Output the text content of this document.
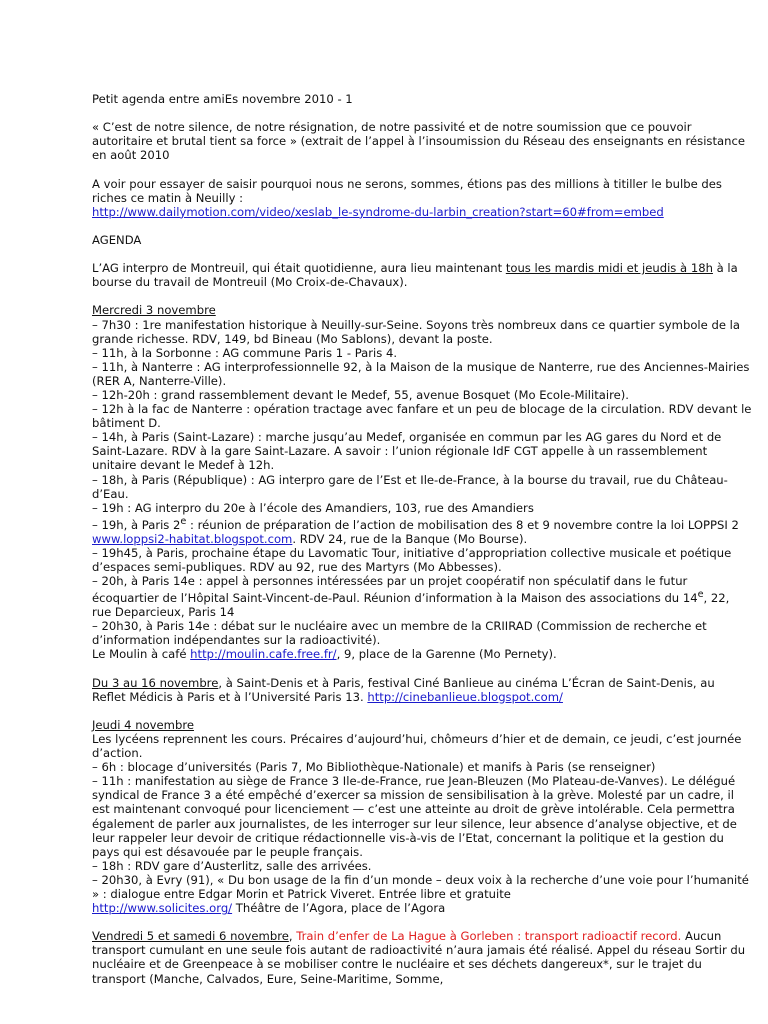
Petit agenda entre amiEs novembre 2010 - 1

« C’est de notre silence, de notre résignation, de notre passivité et de notre soumission que ce pouvoir autoritaire et brutal tient sa force » (extrait de l’appel à l’insoumission du Réseau des enseignants en résistance en août 2010

A voir pour essayer de saisir pourquoi nous ne serons, sommes, étions pas des millions à titiller le bulbe des riches ce matin à Neuilly :
http://www.dailymotion.com/video/xeslab_le-syndrome-du-larbin_creation?start=60#from=embed

AGENDA

L’AG interpro de Montreuil, qui était quotidienne, aura lieu maintenant tous les mardis midi et jeudis à 18h à la bourse du travail de Montreuil (Mo Croix-de-Chavaux).

Mercredi 3 novembre

– 7h30 : 1re manifestation historique à Neuilly-sur-Seine. Soyons très nombreux dans ce quartier symbole de la grande richesse. RDV, 149, bd Bineau (Mo Sablons), devant la poste.

– 11h, à la Sorbonne : AG commune Paris 1 - Paris 4.

– 11h, à Nanterre : AG interprofessionnelle 92, à la Maison de la musique de Nanterre, rue des Anciennes-Mairies (RER A, Nanterre-Ville).

– 12h-20h : grand rassemblement devant le Medef, 55, avenue Bosquet (Mo Ecole-Militaire).

– 12h à la fac de Nanterre : opération tractage avec fanfare et un peu de blocage de la circulation. RDV devant le bâtiment D.

– 14h, à Paris (Saint-Lazare) : marche jusqu’au Medef, organisée en commun par les AG gares du Nord et de Saint-Lazare. RDV à la gare Saint-Lazare. A savoir : l’union régionale IdF CGT appelle à un rassemblement unitaire devant le Medef à 12h.

– 18h, à Paris (République) : AG interpro gare de l’Est et Ile-de-France, à la bourse du travail, rue du Château-d’Eau.

– 19h : AG interpro du 20e à l’école des Amandiers, 103, rue des Amandiers

– 19h, à Paris 2e : réunion de préparation de l’action de mobilisation des 8 et 9 novembre contre la loi LOPPSI 2 www.loppsi2-habitat.blogspot.com. RDV 24, rue de la Banque (Mo Bourse).

– 19h45, à Paris, prochaine étape du Lavomatic Tour, initiative d’appropriation collective musicale et poétique d’espaces semi-publiques. RDV au 92, rue des Martyrs (Mo Abbesses).

– 20h, à Paris 14e : appel à personnes intéressées par un projet coopératif non spéculatif dans le futur écoquartier de l’Hôpital Saint-Vincent-de-Paul. Réunion d’information à la Maison des associations du 14e, 22, rue Deparcieux, Paris 14

– 20h30, à Paris 14e : débat sur le nucléaire avec un membre de la CRIIRAD (Commission de recherche et d’information indépendantes sur la radioactivité).

Le Moulin à café http://moulin.cafe.free.fr/, 9, place de la Garenne (Mo Pernety).

Du 3 au 16 novembre, à Saint-Denis et à Paris, festival Ciné Banlieue au cinéma L’Écran de Saint-Denis, au Reflet Médicis à Paris et à l’Université Paris 13. http://cinebanlieue.blogspot.com/

Jeudi 4 novembre

Les lycéens reprennent les cours. Précaires d’aujourd’hui, chômeurs d’hier et de demain, ce jeudi, c’est journée d’action.

– 6h : blocage d’universités (Paris 7, Mo Bibliothèque-Nationale) et manifs à Paris (se renseigner)

– 11h : manifestation au siège de France 3 Ile-de-France, rue Jean-Bleuzen (Mo Plateau-de-Vanves). Le délégué syndical de France 3 a été empêché d’exercer sa mission de sensibilisation à la grève. Molesté par un cadre, il est maintenant convoqué pour licenciement — c’est une atteinte au droit de grève intolérable. Cela permettra également de parler aux journalistes, de les interroger sur leur silence, leur absence d’analyse objective, et de leur rappeler leur devoir de critique rédactionnelle vis-à-vis de l’Etat, concernant la politique et la gestion du pays qui est désavouée par le peuple français.

– 18h : RDV gare d’Austerlitz, salle des arrivées.

– 20h30, à Evry (91), « Du bon usage de la fin d’un monde – deux voix à la recherche d’une voie pour l’humanité » : dialogue entre Edgar Morin et Patrick Viveret. Entrée libre et gratuite

http://www.solicites.org/ Théâtre de l’Agora, place de l’Agora

Vendredi 5 et samedi 6 novembre, Train d’enfer de La Hague à Gorleben : transport radioactif record. Aucun transport cumulant en une seule fois autant de radioactivité n’aura jamais été réalisé. Appel du réseau Sortir du nucléaire et de Greenpeace à se mobiliser contre le nucléaire et ses déchets dangereux*, sur le trajet du transport (Manche, Calvados, Eure, Seine-Maritime, Somme,
